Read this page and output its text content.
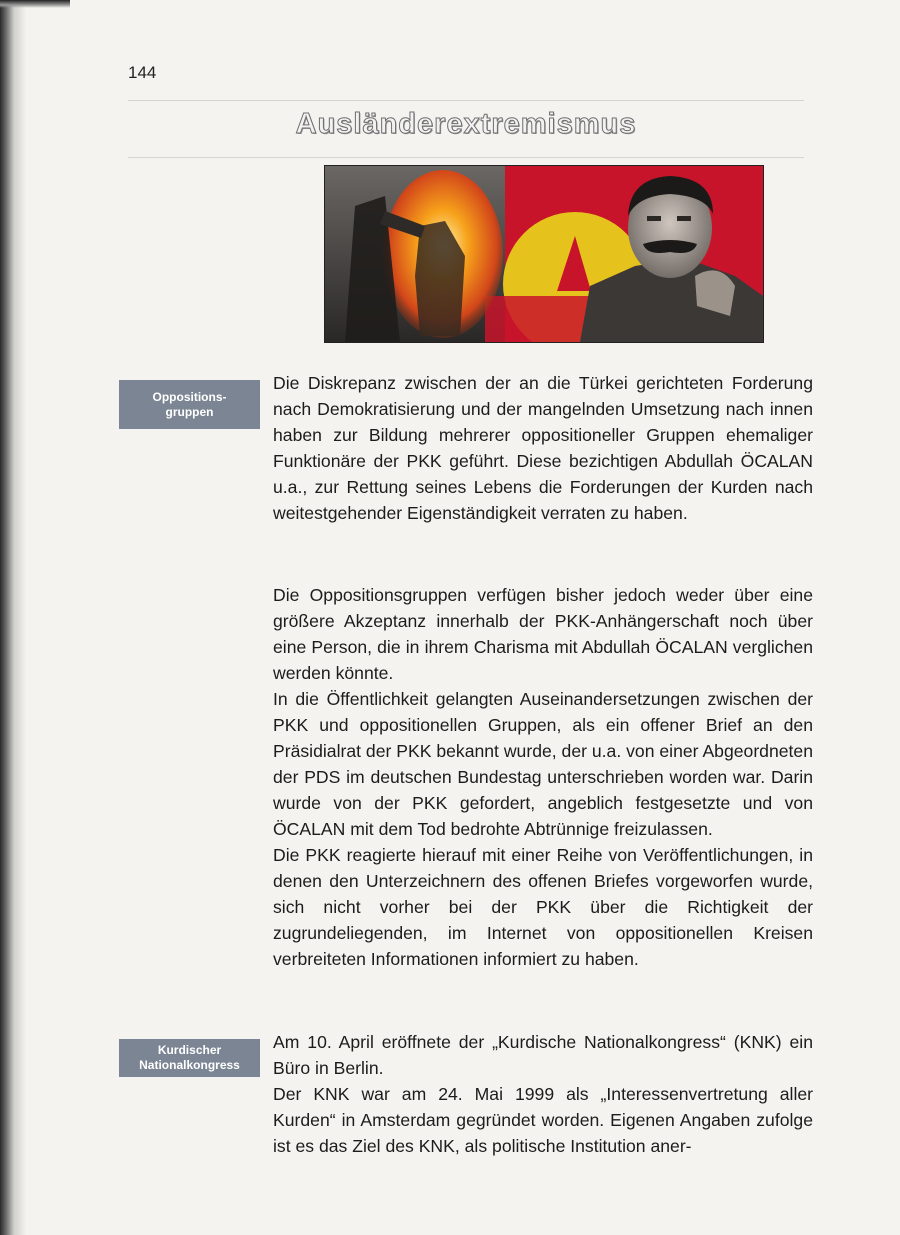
144
Ausländerextremismus
Oppositions-
gruppen

Die Diskrepanz zwischen der an die Türkei gerichteten Forderung nach Demokratisierung und der mangelnden Umsetzung nach innen haben zur Bildung mehrerer oppositioneller Gruppen ehemaliger Funktionäre der PKK geführt. Diese bezichtigen Abdullah ÖCALAN u.a., zur Rettung seines Lebens die Forderungen der Kurden nach weitestgehender Eigenständigkeit verraten zu haben.

Die Oppositionsgruppen verfügen bisher jedoch weder über eine größere Akzeptanz innerhalb der PKK-Anhängerschaft noch über eine Person, die in ihrem Charisma mit Abdullah ÖCALAN verglichen werden könnte.

In die Öffentlichkeit gelangten Auseinandersetzungen zwischen der PKK und oppositionellen Gruppen, als ein offener Brief an den Präsidialrat der PKK bekannt wurde, der u.a. von einer Abgeordneten der PDS im deutschen Bundestag unterschrieben worden war. Darin wurde von der PKK gefordert, angeblich festgesetzte und von ÖCALAN mit dem Tod bedrohte Abtrünnige freizulassen.

Die PKK reagierte hierauf mit einer Reihe von Veröffentlichungen, in denen den Unterzeichnern des offenen Briefes vorgeworfen wurde, sich nicht vorher bei der PKK über die Richtigkeit der zugrundeliegenden, im Internet von oppositionellen Kreisen verbreiteten Informationen informiert zu haben.

Kurdischer
Nationalkongress

Am 10. April eröffnete der „Kurdische Nationalkongress“ (KNK) ein Büro in Berlin.

Der KNK war am 24. Mai 1999 als „Interessenvertretung aller Kurden“ in Amsterdam gegründet worden. Eigenen Angaben zufolge ist es das Ziel des KNK, als politische Institution aner-
